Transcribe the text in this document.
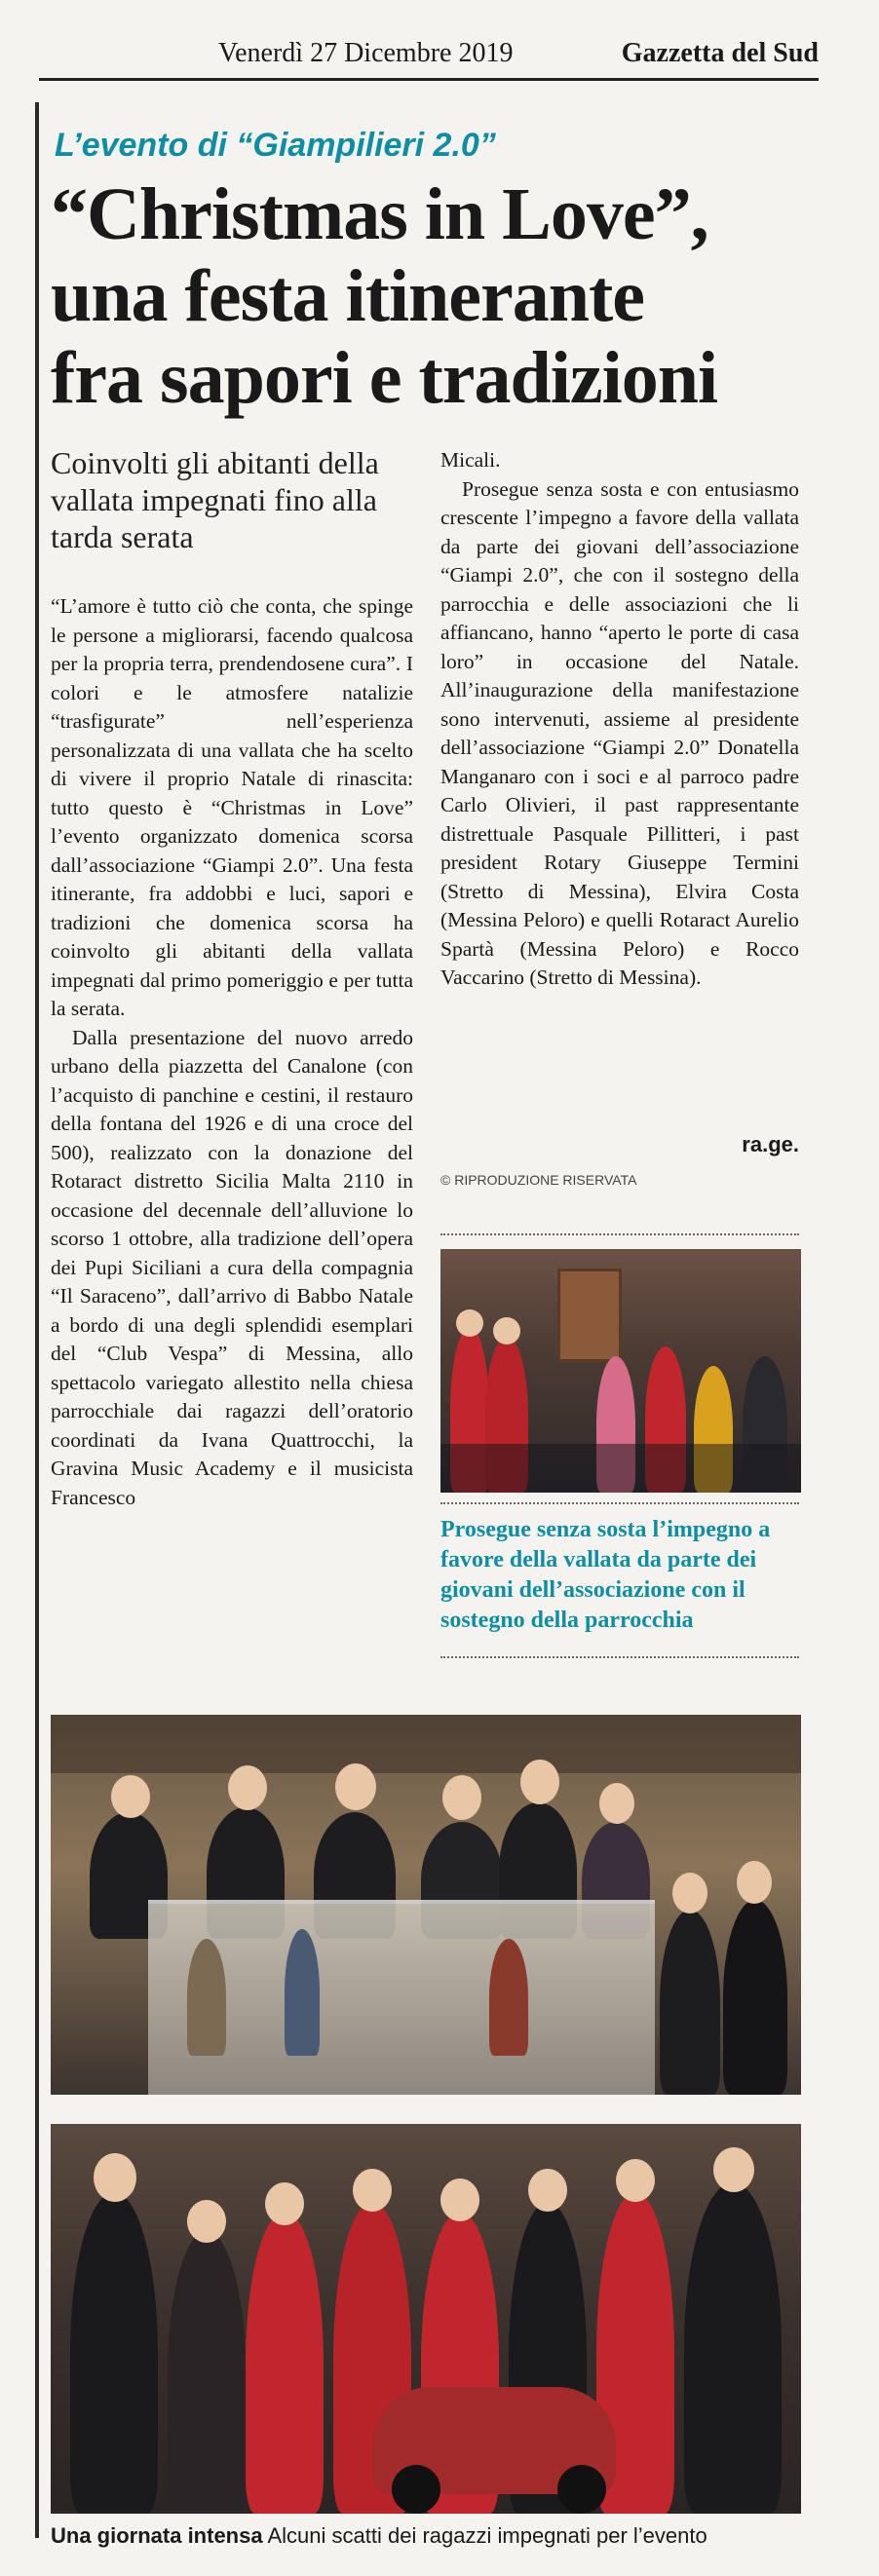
Venerdì 27 Dicembre 2019	Gazzetta del Sud
L’evento di “Giampilieri 2.0”
“Christmas in Love”,
una festa itinerante
fra sapori e tradizioni
Coinvolti gli abitanti della vallata impegnati fino alla tarda serata

“L’amore è tutto ciò che conta, che spinge le persone a migliorarsi, facendo qualcosa per la propria terra, prendendosene cura”. I colori e le atmosfere natalizie “trasfigurate” nell’esperienza personalizzata di una vallata che ha scelto di vivere il proprio Natale di rinascita: tutto questo è “Christmas in Love” l’evento organizzato domenica scorsa dall’associazione “Giampi 2.0”. Una festa itinerante, fra addobbi e luci, sapori e tradizioni che domenica scorsa ha coinvolto gli abitanti della vallata impegnati dal primo pomeriggio e per tutta la serata.

Dalla presentazione del nuovo arredo urbano della piazzetta del Canalone (con l’acquisto di panchine e cestini, il restauro della fontana del 1926 e di una croce del 500), realizzato con la donazione del Rotaract distretto Sicilia Malta 2110 in occasione del decennale dell’alluvione lo scorso 1 ottobre, alla tradizione dell’opera dei Pupi Siciliani a cura della compagnia “Il Saraceno”, dall’arrivo di Babbo Natale a bordo di una degli splendidi esemplari del “Club Vespa” di Messina, allo spettacolo variegato allestito nella chiesa parrocchiale dai ragazzi dell’oratorio coordinati da Ivana Quattrocchi, la Gravina Music Academy e il musicista Francesco

Micali.

Prosegue senza sosta e con entusiasmo crescente l’impegno a favore della vallata da parte dei giovani dell’associazione “Giampi 2.0”, che con il sostegno della parrocchia e delle associazioni che li affiancano, hanno “aperto le porte di casa loro” in occasione del Natale. All’inaugurazione della manifestazione sono intervenuti, assieme al presidente dell’associazione “Giampi 2.0” Donatella Manganaro con i soci e al parroco padre Carlo Olivieri, il past rappresentante distrettuale Pasquale Pillitteri, i past president Rotary Giuseppe Termini (Stretto di Messina), Elvira Costa (Messina Peloro) e quelli Rotaract Aurelio Spartà (Messina Peloro) e Rocco Vaccarino (Stretto di Messina).

ra.ge.
© RIPRODUZIONE RISERVATA
Prosegue senza sosta l’impegno a favore della vallata da parte dei giovani dell’associazione con il sostegno della parrocchia
Una giornata intensa Alcuni scatti dei ragazzi impegnati per l’evento
